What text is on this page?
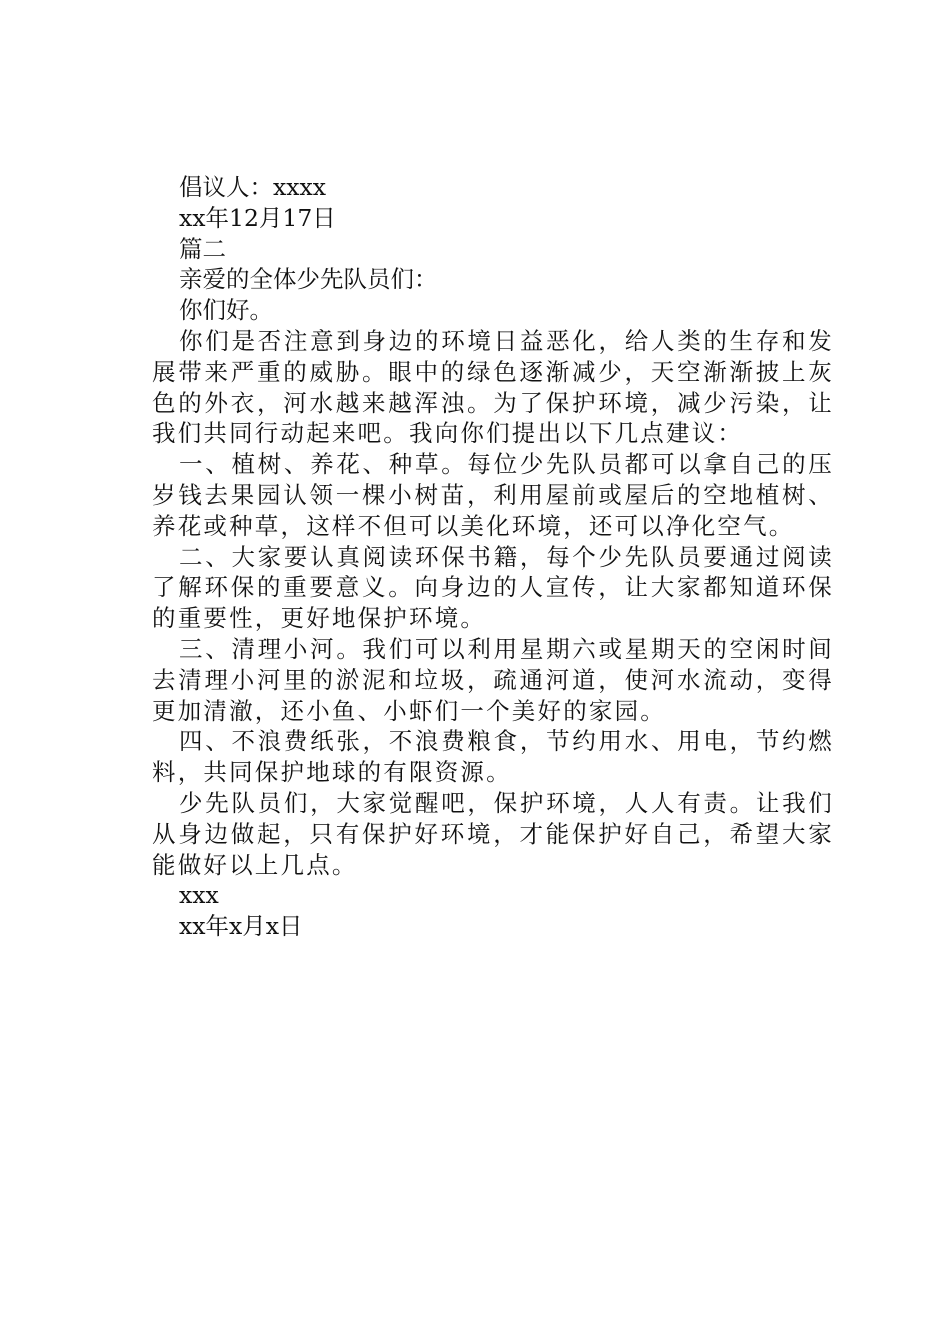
倡议人：xxxx

xx年12月17日

篇二

亲爱的全体少先队员们：

你们好。

你们是否注意到身边的环境日益恶化，给人类的生存和发展带来严重的威胁。眼中的绿色逐渐减少，天空渐渐披上灰色的外衣，河水越来越浑浊。为了保护环境，减少污染，让我们共同行动起来吧。我向你们提出以下几点建议：

一、植树、养花、种草。每位少先队员都可以拿自己的压岁钱去果园认领一棵小树苗，利用屋前或屋后的空地植树、养花或种草，这样不但可以美化环境，还可以净化空气。

二、大家要认真阅读环保书籍，每个少先队员要通过阅读了解环保的重要意义。向身边的人宣传，让大家都知道环保的重要性，更好地保护环境。

三、清理小河。我们可以利用星期六或星期天的空闲时间去清理小河里的淤泥和垃圾，疏通河道，使河水流动，变得更加清澈，还小鱼、小虾们一个美好的家园。

四、不浪费纸张，不浪费粮食，节约用水、用电，节约燃料，共同保护地球的有限资源。

少先队员们，大家觉醒吧，保护环境，人人有责。让我们从身边做起，只有保护好环境，才能保护好自己，希望大家能做好以上几点。

xxx

xx年x月x日
